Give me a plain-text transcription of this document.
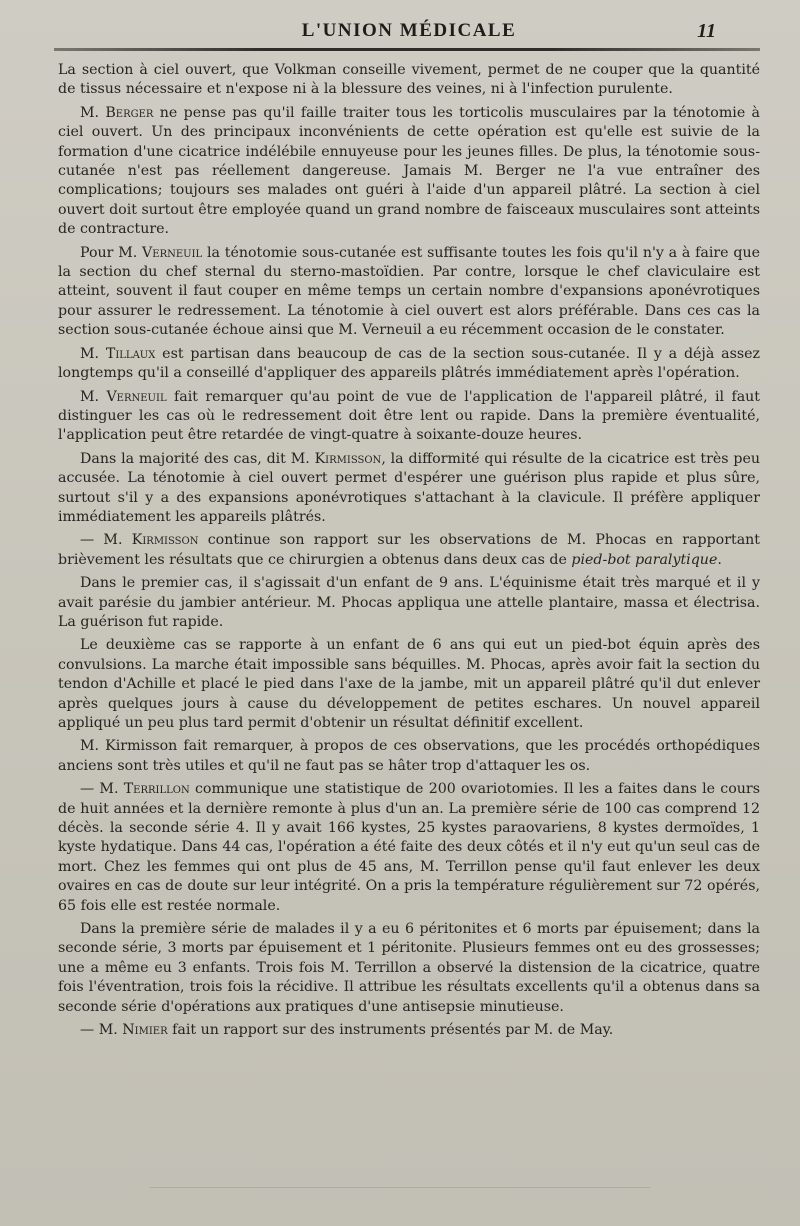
L'UNION MÉDICALE	11

La section à ciel ouvert, que Volkman conseille vivement, permet de ne couper que la quantité de tissus nécessaire et n'expose ni à la blessure des veines, ni à l'infection purulente.

M. Berger ne pense pas qu'il faille traiter tous les torticolis musculaires par la ténotomie à ciel ouvert. Un des principaux inconvénients de cette opération est qu'elle est suivie de la formation d'une cicatrice indélébile ennuyeuse pour les jeunes filles. De plus, la ténotomie sous-cutanée n'est pas réellement dangereuse. Jamais M. Berger ne l'a vue entraîner des complications; toujours ses malades ont guéri à l'aide d'un appareil plâtré. La section à ciel ouvert doit surtout être employée quand un grand nombre de faisceaux musculaires sont atteints de contracture.

Pour M. Verneuil la ténotomie sous-cutanée est suffisante toutes les fois qu'il n'y a à faire que la section du chef sternal du sterno-mastoïdien. Par contre, lorsque le chef claviculaire est atteint, souvent il faut couper en même temps un certain nombre d'expansions aponévrotiques pour assurer le redressement. La ténotomie à ciel ouvert est alors préférable. Dans ces cas la section sous-cutanée échoue ainsi que M. Verneuil a eu récemment occasion de le constater.

M. Tillaux est partisan dans beaucoup de cas de la section sous-cutanée. Il y a déjà assez longtemps qu'il a conseillé d'appliquer des appareils plâtrés immédiatement après l'opération.

M. Verneuil fait remarquer qu'au point de vue de l'application de l'appareil plâtré, il faut distinguer les cas où le redressement doit être lent ou rapide. Dans la première éventualité, l'application peut être retardée de vingt-quatre à soixante-douze heures.

Dans la majorité des cas, dit M. Kirmisson, la difformité qui résulte de la cicatrice est très peu accusée. La ténotomie à ciel ouvert permet d'espérer une guérison plus rapide et plus sûre, surtout s'il y a des expansions aponévrotiques s'attachant à la clavicule. Il préfère appliquer immédiatement les appareils plâtrés.

— M. Kirmisson continue son rapport sur les observations de M. Phocas en rapportant brièvement les résultats que ce chirurgien a obtenus dans deux cas de pied-bot paralytique.

Dans le premier cas, il s'agissait d'un enfant de 9 ans. L'équinisme était très marqué et il y avait parésie du jambier antérieur. M. Phocas appliqua une attelle plantaire, massa et électrisa. La guérison fut rapide.

Le deuxième cas se rapporte à un enfant de 6 ans qui eut un pied-bot équin après des convulsions. La marche était impossible sans béquilles. M. Phocas, après avoir fait la section du tendon d'Achille et placé le pied dans l'axe de la jambe, mit un appareil plâtré qu'il dut enlever après quelques jours à cause du développement de petites eschares. Un nouvel appareil appliqué un peu plus tard permit d'obtenir un résultat définitif excellent.

M. Kirmisson fait remarquer, à propos de ces observations, que les procédés orthopédiques anciens sont très utiles et qu'il ne faut pas se hâter trop d'attaquer les os.

— M. Terrillon communique une statistique de 200 ovariotomies. Il les a faites dans le cours de huit années et la dernière remonte à plus d'un an. La première série de 100 cas comprend 12 décès. la seconde série 4. Il y avait 166 kystes, 25 kystes paraovariens, 8 kystes dermoïdes, 1 kyste hydatique. Dans 44 cas, l'opération a été faite des deux côtés et il n'y eut qu'un seul cas de mort. Chez les femmes qui ont plus de 45 ans, M. Terrillon pense qu'il faut enlever les deux ovaires en cas de doute sur leur intégrité. On a pris la température régulièrement sur 72 opérés, 65 fois elle est restée normale.

Dans la première série de malades il y a eu 6 péritonites et 6 morts par épuisement; dans la seconde série, 3 morts par épuisement et 1 péritonite. Plusieurs femmes ont eu des grossesses; une a même eu 3 enfants. Trois fois M. Terrillon a observé la distension de la cicatrice, quatre fois l'éventration, trois fois la récidive. Il attribue les résultats excellents qu'il a obtenus dans sa seconde série d'opérations aux pratiques d'une antisepsie minutieuse.

— M. Nimier fait un rapport sur des instruments présentés par M. de May.
